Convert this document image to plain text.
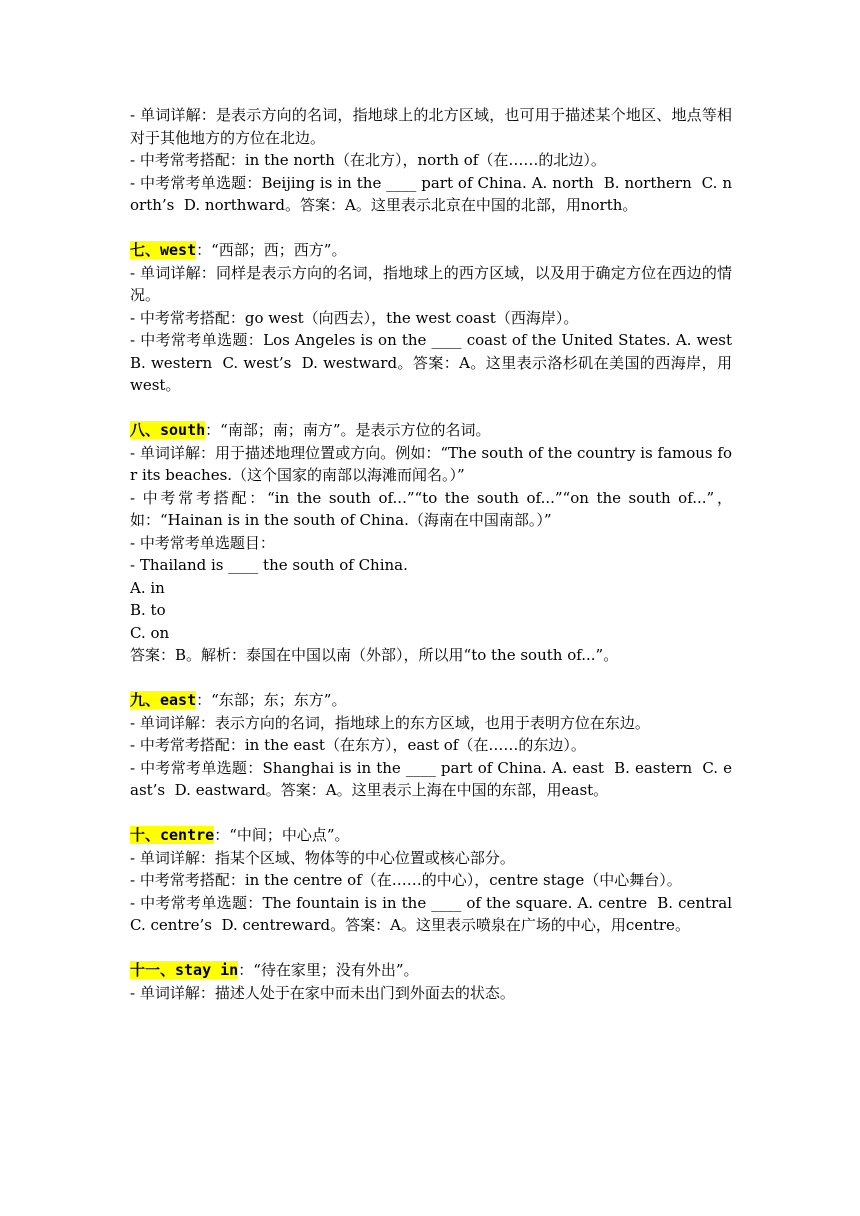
- 单词详解：是表示方向的名词，指地球上的北方区域，也可用于描述某个地区、地点等相对于其他地方的方位在北边。

- 中考常考搭配：in the north（在北方），north of（在……的北边）。

- 中考常考单选题：Beijing is in the ____ part of China. A. north  B. northern  C. north’s  D. northward。答案：A。这里表示北京在中国的北部，用north。

七、west：“西部；西；西方”。

- 单词详解：同样是表示方向的名词，指地球上的西方区域，以及用于确定方位在西边的情况。

- 中考常考搭配：go west（向西去），the west coast（西海岸）。

- 中考常考单选题：Los Angeles is on the ____ coast of the United States. A. west  B. western  C. west’s  D. westward。答案：A。这里表示洛杉矶在美国的西海岸，用west。

八、south：“南部；南；南方”。是表示方位的名词。

- 单词详解：用于描述地理位置或方向。例如：“The south of the country is famous for its beaches.（这个国家的南部以海滩而闻名。）”

- 中考常考搭配：“in the south of...”“to the south of...”“on the south of...”，如：“Hainan is in the south of China.（海南在中国南部。）”

- 中考常考单选题目：

- Thailand is ____ the south of China.

A. in

B. to

C. on

答案：B。解析：泰国在中国以南（外部），所以用“to the south of...”。

九、east：“东部；东；东方”。

- 单词详解：表示方向的名词，指地球上的东方区域，也用于表明方位在东边。

- 中考常考搭配：in the east（在东方），east of（在……的东边）。

- 中考常考单选题：Shanghai is in the ____ part of China. A. east  B. eastern  C. east’s  D. eastward。答案：A。这里表示上海在中国的东部，用east。

十、centre：“中间；中心点”。

- 单词详解：指某个区域、物体等的中心位置或核心部分。

- 中考常考搭配：in the centre of（在……的中心），centre stage（中心舞台）。

- 中考常考单选题：The fountain is in the ____ of the square. A. centre  B. central  C. centre’s  D. centreward。答案：A。这里表示喷泉在广场的中心，用centre。

十一、stay in：“待在家里；没有外出”。

- 单词详解：描述人处于在家中而未出门到外面去的状态。
